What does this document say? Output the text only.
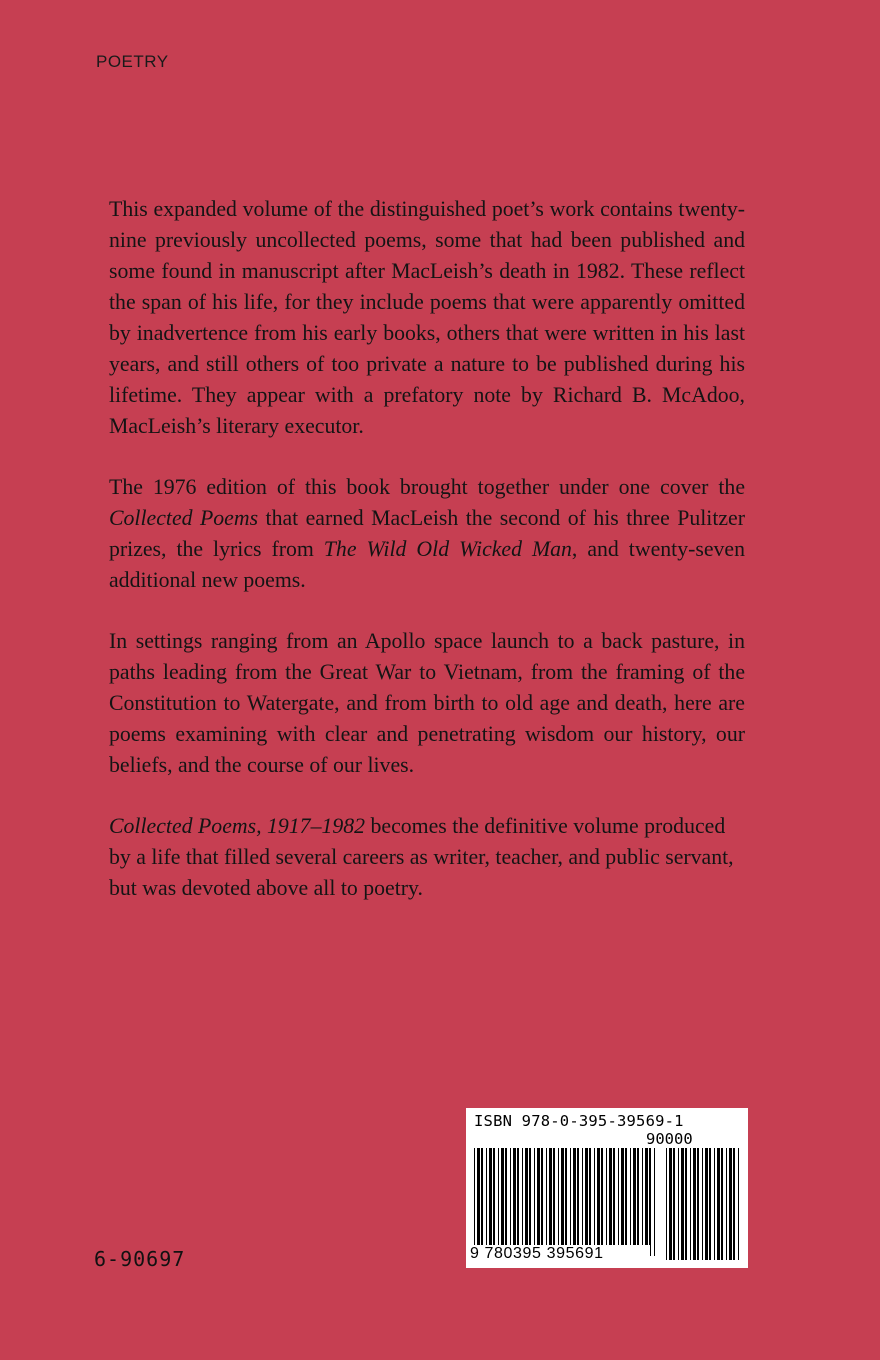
POETRY

This expanded volume of the distinguished poet’s work contains twenty-nine previously uncollected poems, some that had been published and some found in manuscript after MacLeish’s death in 1982. These reflect the span of his life, for they include poems that were apparently omitted by inadvertence from his early books, others that were written in his last years, and still others of too private a nature to be published during his lifetime. They appear with a prefatory note by Richard B. McAdoo, MacLeish’s literary executor.

The 1976 edition of this book brought together under one cover the Collected Poems that earned MacLeish the second of his three Pulitzer prizes, the lyrics from The Wild Old Wicked Man, and twenty-seven additional new poems.

In settings ranging from an Apollo space launch to a back pasture, in paths leading from the Great War to Vietnam, from the framing of the Constitution to Watergate, and from birth to old age and death, here are poems examining with clear and penetrating wisdom our history, our beliefs, and the course of our lives.

Collected Poems, 1917–1982 becomes the definitive volume produced by a life that filled several careers as writer, teacher, and public servant, but was devoted above all to poetry.

ISBN 978-0-395-39569-1
90000
9 780395 395691
6-90697
